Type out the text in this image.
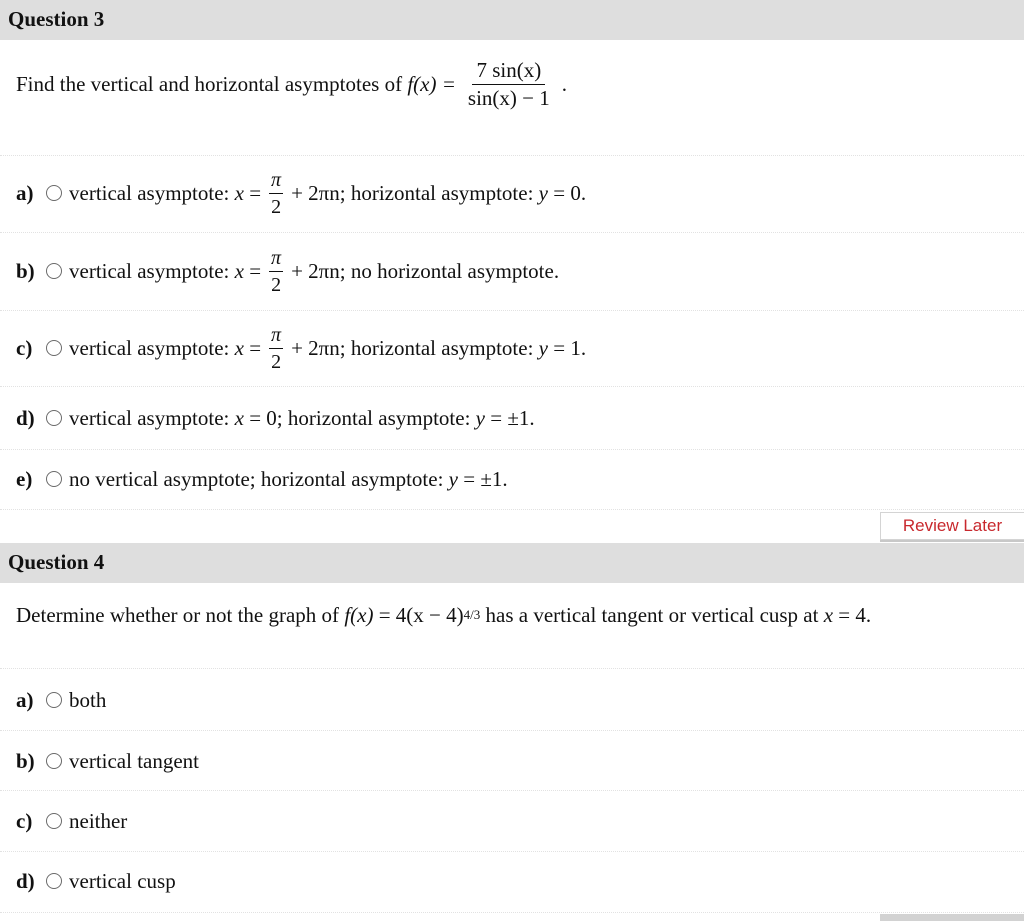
Question 3
Find the vertical and horizontal asymptotes of
$f(x) = \frac{7 \sin(x)}{\sin(x) - 1}$ .
a)	vertical asymptote:
x
= $\frac{\pi}{2} + 2\pi n$; horizontal asymptote:
y
= 0.
b)	vertical asymptote:
x
= $\frac{\pi}{2} + 2\pi n$; no horizontal asymptote.
c)	vertical asymptote:
x
= $\frac{\pi}{2} + 2\pi n$; horizontal asymptote:
y
= 1.
d)	vertical asymptote:
x
= 0; horizontal asymptote:
y
= ±1.
e)	no vertical asymptote; horizontal asymptote:
y
= ±1.
Review Later
Question 4
Determine whether or not the graph of
f(x)
= 4(x − 4) 4/3
has a vertical tangent or vertical cusp at
x
= 4.
a)	both
b)	vertical tangent
c)	neither
d)	vertical cusp
